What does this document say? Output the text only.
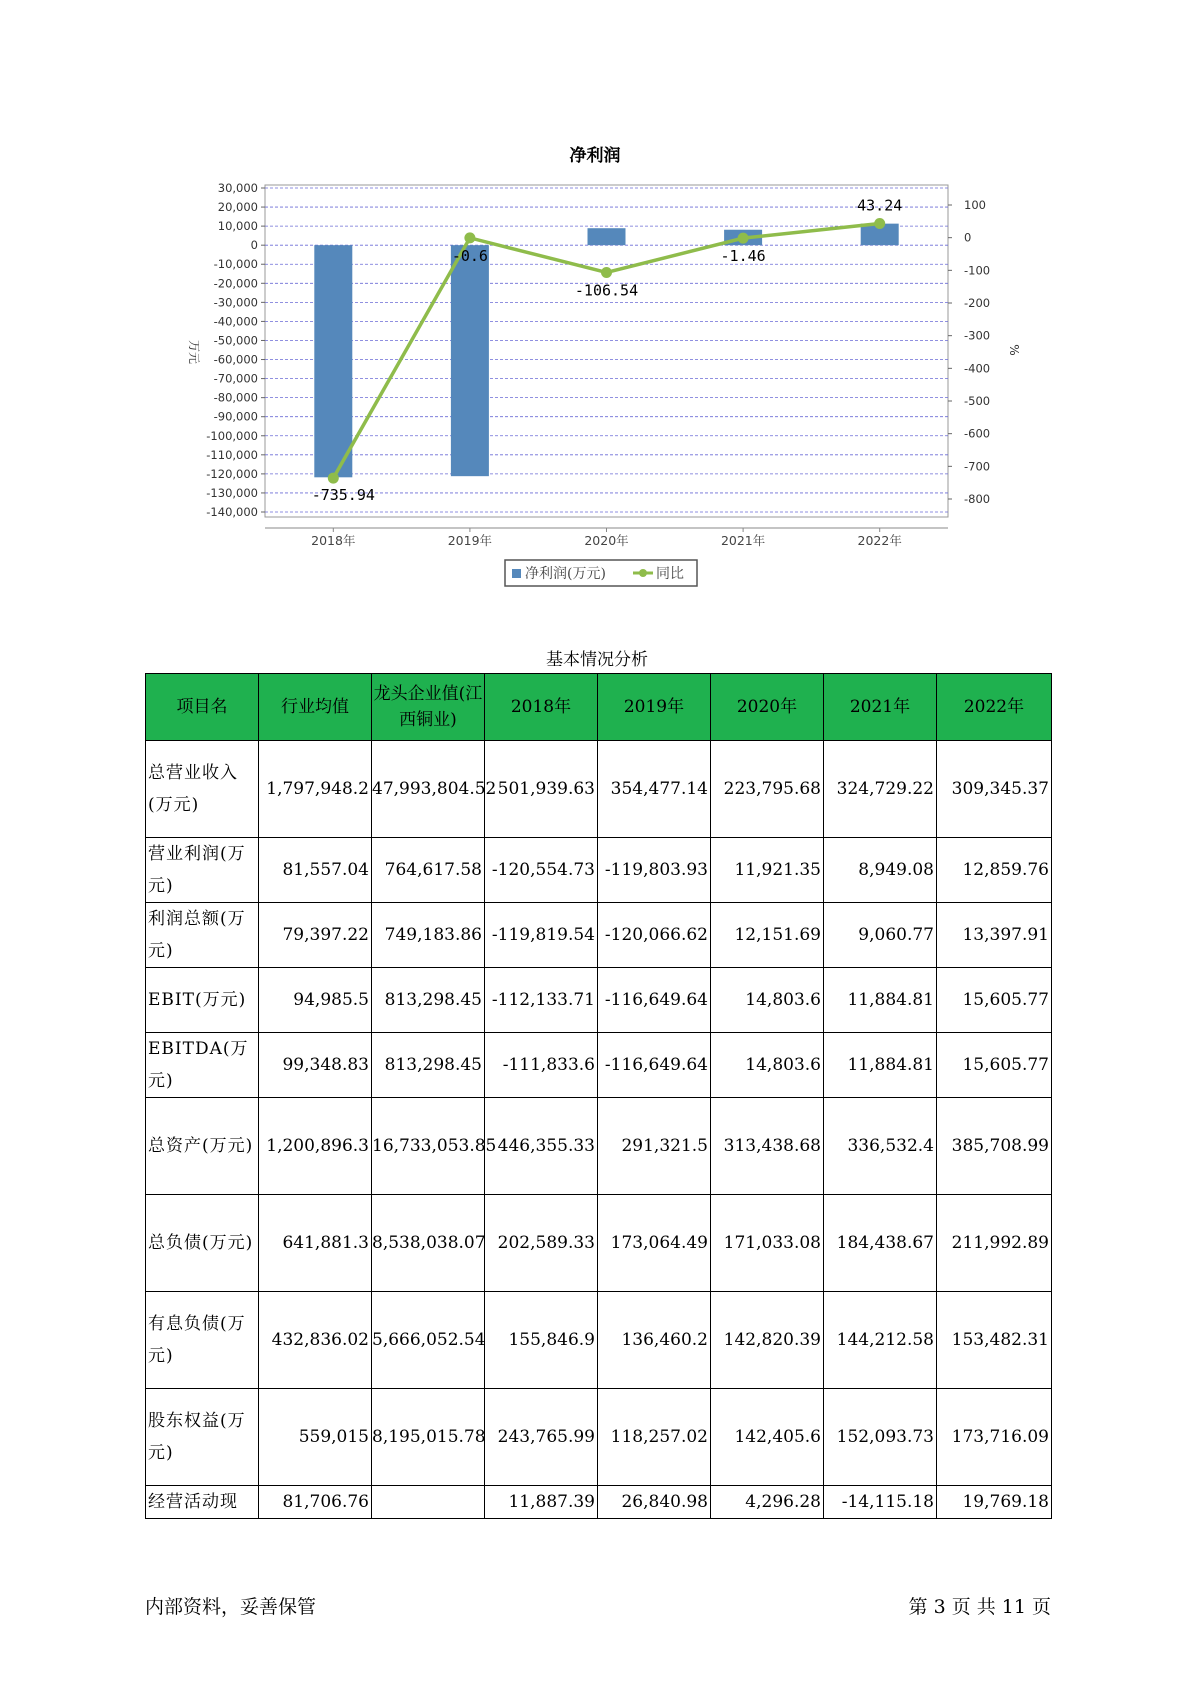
净利润
30,000
20,000
10,000
0
-10,000
-20,000
-30,000
-40,000
-50,000
-60,000
-70,000
-80,000
-90,000
-100,000
-110,000
-120,000
-130,000
-140,000
100
0
-100
-200
-300
-400
-500
-600
-700
-800
万元	%
2018年	2019年	2020年	2021年	2022年
-735.94
-0.6
-106.54
-1.46
43.24
净利润(万元)	同比
基本情况分析
项目名	行业均值	龙头企业值(江西铜业)	2018年	2019年	2020年	2021年	2022年
总营业收入(万元)	1,797,948.2	47,993,804.52	501,939.63	354,477.14	223,795.68	324,729.22	309,345.37
营业利润(万元)	81,557.04	764,617.58	-120,554.73	-119,803.93	11,921.35	8,949.08	12,859.76
利润总额(万元)	79,397.22	749,183.86	-119,819.54	-120,066.62	12,151.69	9,060.77	13,397.91
EBIT(万元)	94,985.5	813,298.45	-112,133.71	-116,649.64	14,803.6	11,884.81	15,605.77
EBITDA(万元)	99,348.83	813,298.45	-111,833.6	-116,649.64	14,803.6	11,884.81	15,605.77
总资产(万元)	1,200,896.3	16,733,053.85	446,355.33	291,321.5	313,438.68	336,532.4	385,708.99
总负债(万元)	641,881.3	8,538,038.07	202,589.33	173,064.49	171,033.08	184,438.67	211,992.89
有息负债(万元)	432,836.02	5,666,052.54	155,846.9	136,460.2	142,820.39	144,212.58	153,482.31
股东权益(万元)	559,015	8,195,015.78	243,765.99	118,257.02	142,405.6	152,093.73	173,716.09
经营活动现	81,706.76		11,887.39	26,840.98	4,296.28	-14,115.18	19,769.18
内部资料，妥善保管	第 3 页 共 11 页
